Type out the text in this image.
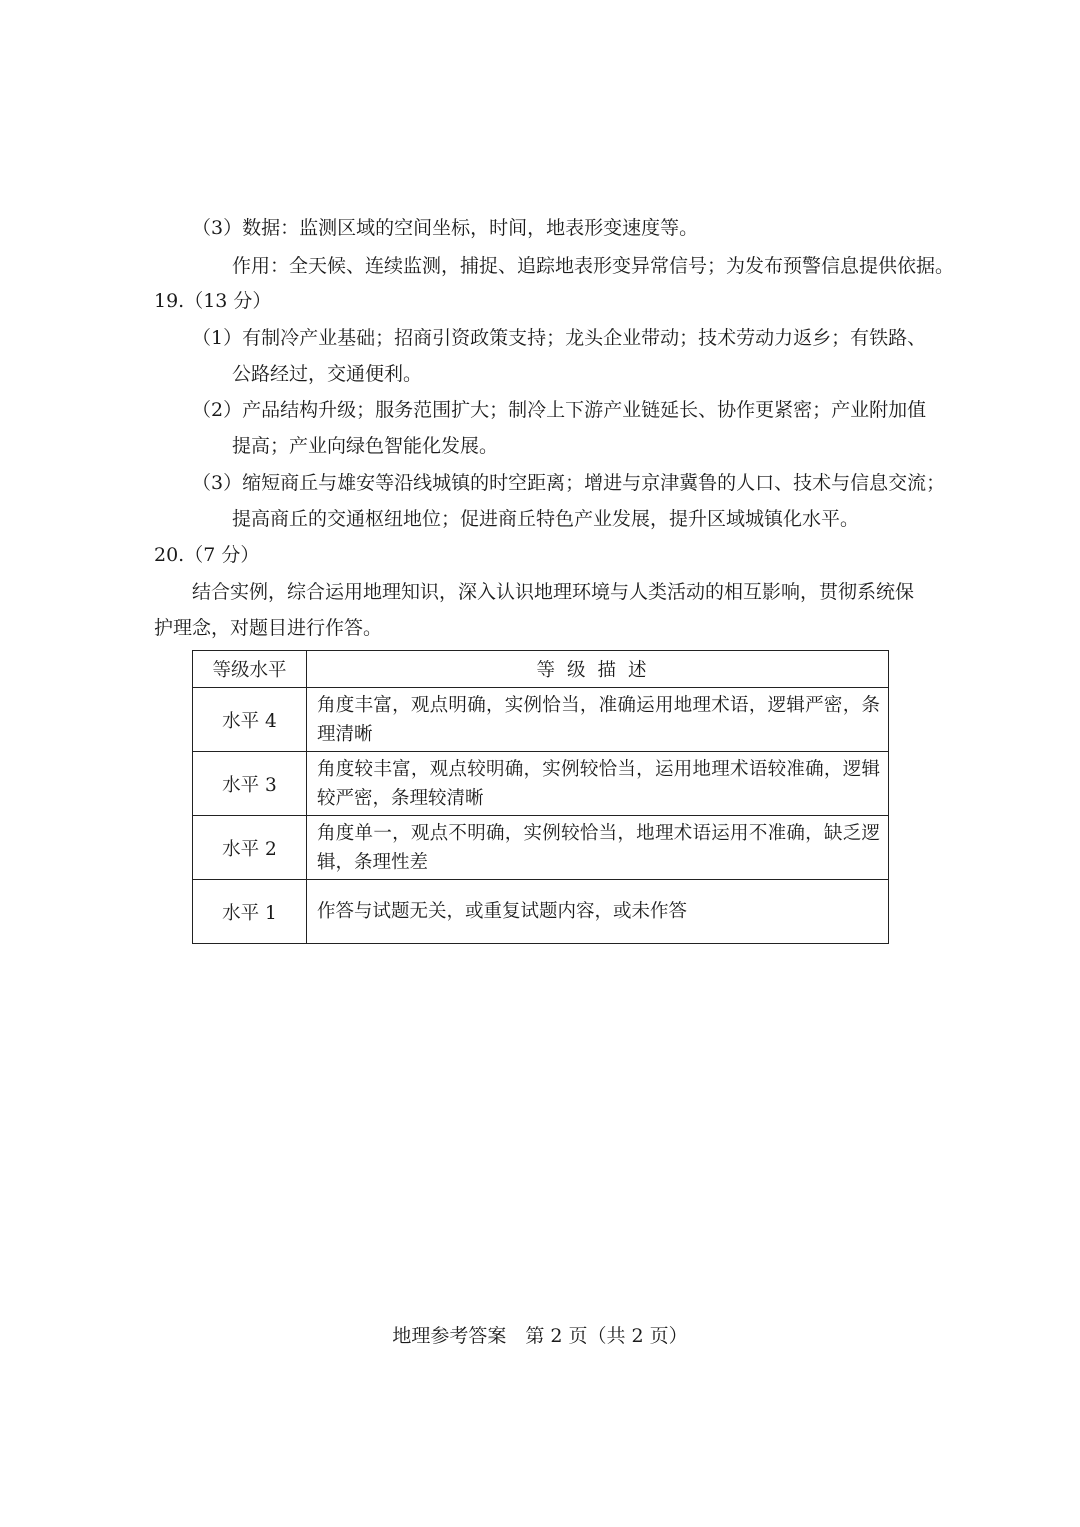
（3）数据：监测区域的空间坐标，时间，地表形变速度等。
作用：全天候、连续监测，捕捉、追踪地表形变异常信号；为发布预警信息提供依据。
19.（13 分）
（1）有制冷产业基础；招商引资政策支持；龙头企业带动；技术劳动力返乡；有铁路、
公路经过，交通便利。
（2）产品结构升级；服务范围扩大；制冷上下游产业链延长、协作更紧密；产业附加值
提高；产业向绿色智能化发展。
（3）缩短商丘与雄安等沿线城镇的时空距离；增进与京津冀鲁的人口、技术与信息交流；
提高商丘的交通枢纽地位；促进商丘特色产业发展，提升区域城镇化水平。
20.（7 分）
结合实例，综合运用地理知识，深入认识地理环境与人类活动的相互影响，贯彻系统保
护理念，对题目进行作答。
等级水平	等级描述
水平 4	角度丰富，观点明确，实例恰当，准确运用地理术语，逻辑严密，条理清晰
水平 3	角度较丰富，观点较明确，实例较恰当，运用地理术语较准确，逻辑较严密，条理较清晰
水平 2	角度单一，观点不明确，实例较恰当，地理术语运用不准确，缺乏逻辑，条理性差
水平 1	作答与试题无关，或重复试题内容，或未作答
地理参考答案　第 2 页（共 2 页）
